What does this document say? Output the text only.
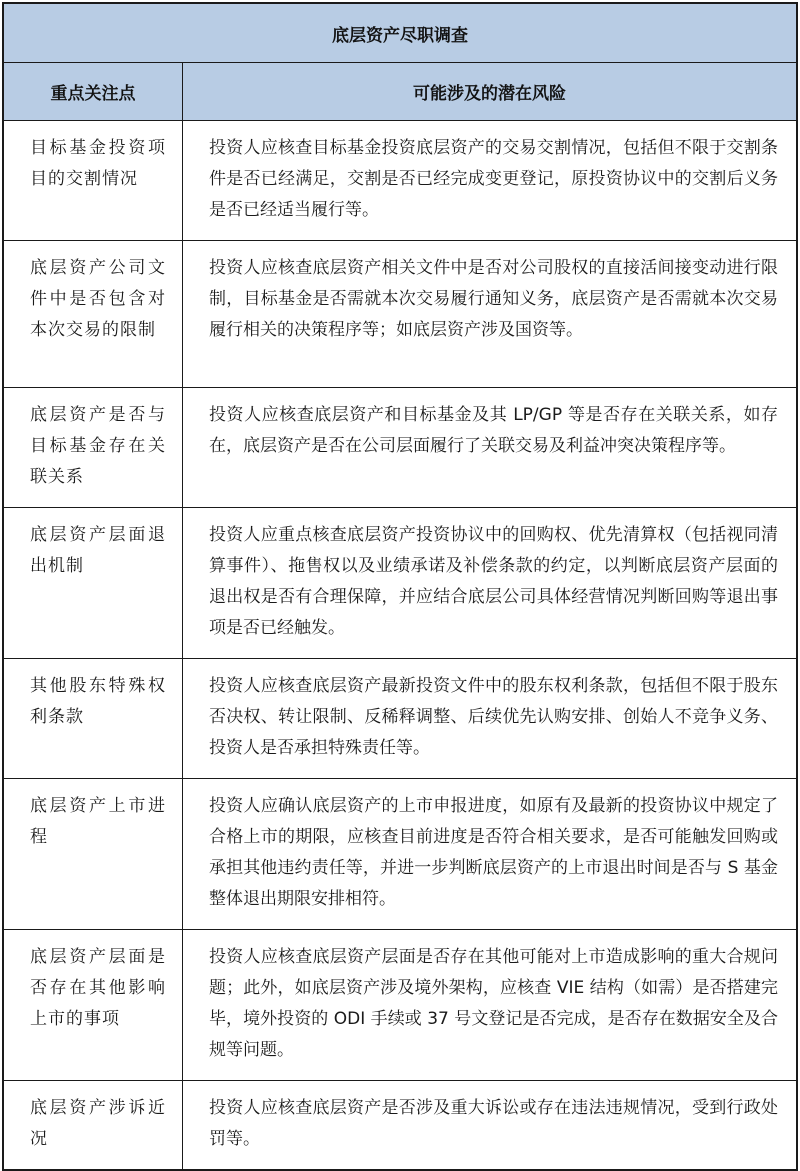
底层资产尽职调查	
重点关注点	可能涉及的潜在风险
目标基金投资项目的交割情况	投资人应核查目标基金投资底层资产的交易交割情况，包括但不限于交割条件是否已经满足，交割是否已经完成变更登记，原投资协议中的交割后义务是否已经适当履行等。
底层资产公司文件中是否包含对本次交易的限制	投资人应核查底层资产相关文件中是否对公司股权的直接活间接变动进行限制，目标基金是否需就本次交易履行通知义务，底层资产是否需就本次交易履行相关的决策程序等；如底层资产涉及国资等。
底层资产是否与目标基金存在关联关系	投资人应核查底层资产和目标基金及其 LP/GP 等是否存在关联关系，如存在，底层资产是否在公司层面履行了关联交易及利益冲突决策程序等。
底层资产层面退出机制	投资人应重点核查底层资产投资协议中的回购权、优先清算权（包括视同清算事件）、拖售权以及业绩承诺及补偿条款的约定，以判断底层资产层面的退出权是否有合理保障，并应结合底层公司具体经营情况判断回购等退出事项是否已经触发。
其他股东特殊权利条款	投资人应核查底层资产最新投资文件中的股东权利条款，包括但不限于股东否决权、转让限制、反稀释调整、后续优先认购安排、创始人不竞争义务、投资人是否承担特殊责任等。
底层资产上市进程	投资人应确认底层资产的上市申报进度，如原有及最新的投资协议中规定了合格上市的期限，应核查目前进度是否符合相关要求，是否可能触发回购或承担其他违约责任等，并进一步判断底层资产的上市退出时间是否与 S 基金整体退出期限安排相符。
底层资产层面是否存在其他影响上市的事项	投资人应核查底层资产层面是否存在其他可能对上市造成影响的重大合规问题；此外，如底层资产涉及境外架构，应核查 VIE 结构（如需）是否搭建完毕，境外投资的 ODI 手续或 37 号文登记是否完成，是否存在数据安全及合规等问题。
底层资产涉诉近况	投资人应核查底层资产是否涉及重大诉讼或存在违法违规情况，受到行政处罚等。
